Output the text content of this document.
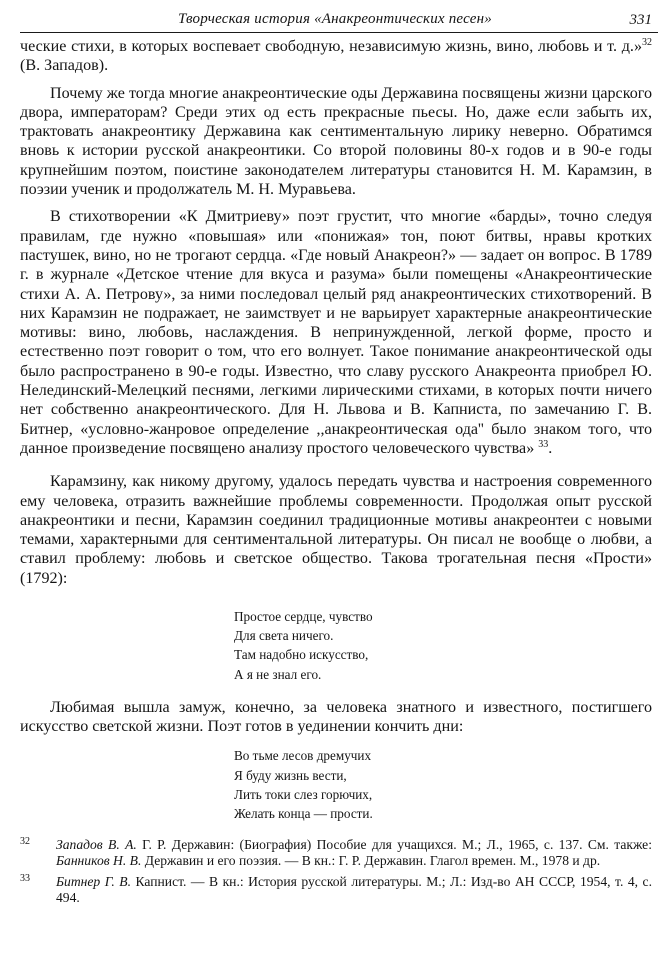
Творческая история «Анакреонтических песен»	331

ческие стихи, в которых воспевает свободную, независимую жизнь, вино, любовь и т. д.»$^{32}$ (В. Западов).

Почему же тогда многие анакреонтические оды Державина посвящены жизни царского двора, императорам? Среди этих од есть прекрасные пьесы. Но, даже если забыть их, трактовать анакреонтику Державина как сентиментальную лирику неверно. Обратимся вновь к истории русской анакреонтики. Со второй половины 80-х годов и в 90-е годы крупнейшим поэтом, поистине законодателем литературы становится Н. М. Карамзин, в поэзии ученик и продолжатель М. Н. Муравьева.

В стихотворении «К Дмитриеву» поэт грустит, что многие «барды», точно следуя правилам, где нужно «повышая» или «понижая» тон, поют битвы, нравы кротких пастушек, вино, но не трогают сердца. «Где новый Анакреон?» — задает он вопрос. В 1789 г. в журнале «Детское чтение для вкуса и разума» были помещены «Анакреонтические стихи А. А. Петрову», за ними последовал целый ряд анакреонтических стихотворений. В них Карамзин не подражает, не заимствует и не варьирует характерные анакреонтические мотивы: вино, любовь, наслаждения. В непринужденной, легкой форме, просто и естественно поэт говорит о том, что его волнует. Такое понимание анакреонтической оды было распространено в 90-е годы. Известно, что славу русского Анакреонта приобрел Ю. Нелединский-Мелецкий песнями, легкими лирическими стихами, в которых почти ничего нет собственно анакреонтического. Для Н. Львова и В. Капниста, по замечанию Г. В. Битнер, «условно-жанровое определение ,,анакреонтическая ода'' было знаком того, что данное произведение посвящено анализу простого человеческого чувства» $^{33}$.

Карамзину, как никому другому, удалось передать чувства и настроения современного ему человека, отразить важнейшие проблемы современности. Продолжая опыт русской анакреонтики и песни, Карамзин соединил традиционные мотивы анакреонтеи с новыми темами, характерными для сентиментальной литературы. Он писал не вообще о любви, а ставил проблему: любовь и светское общество. Такова трогательная песня «Прости» (1792):

Простое сердце, чувство
Для света ничего.
Там надобно искусство,
А я не знал его.

Любимая вышла замуж, конечно, за человека знатного и известного, постигшего искусство светской жизни. Поэт готов в уединении кончить дни:

Во тьме лесов дремучих
Я буду жизнь вести,
Лить токи слез горючих,
Желать конца — прости.
32 Западов В. А. Г. Р. Державин: (Биография) Пособие для учащихся. М.; Л., 1965, с. 137. См. также: Банников Н. В. Державин и его поэзия. — В кн.: Г. Р. Державин. Глагол времен. М., 1978 и др.
33 Битнер Г. В. Капнист. — В кн.: История русской литературы. М.; Л.: Изд-во АН СССР, 1954, т. 4, с. 494.
